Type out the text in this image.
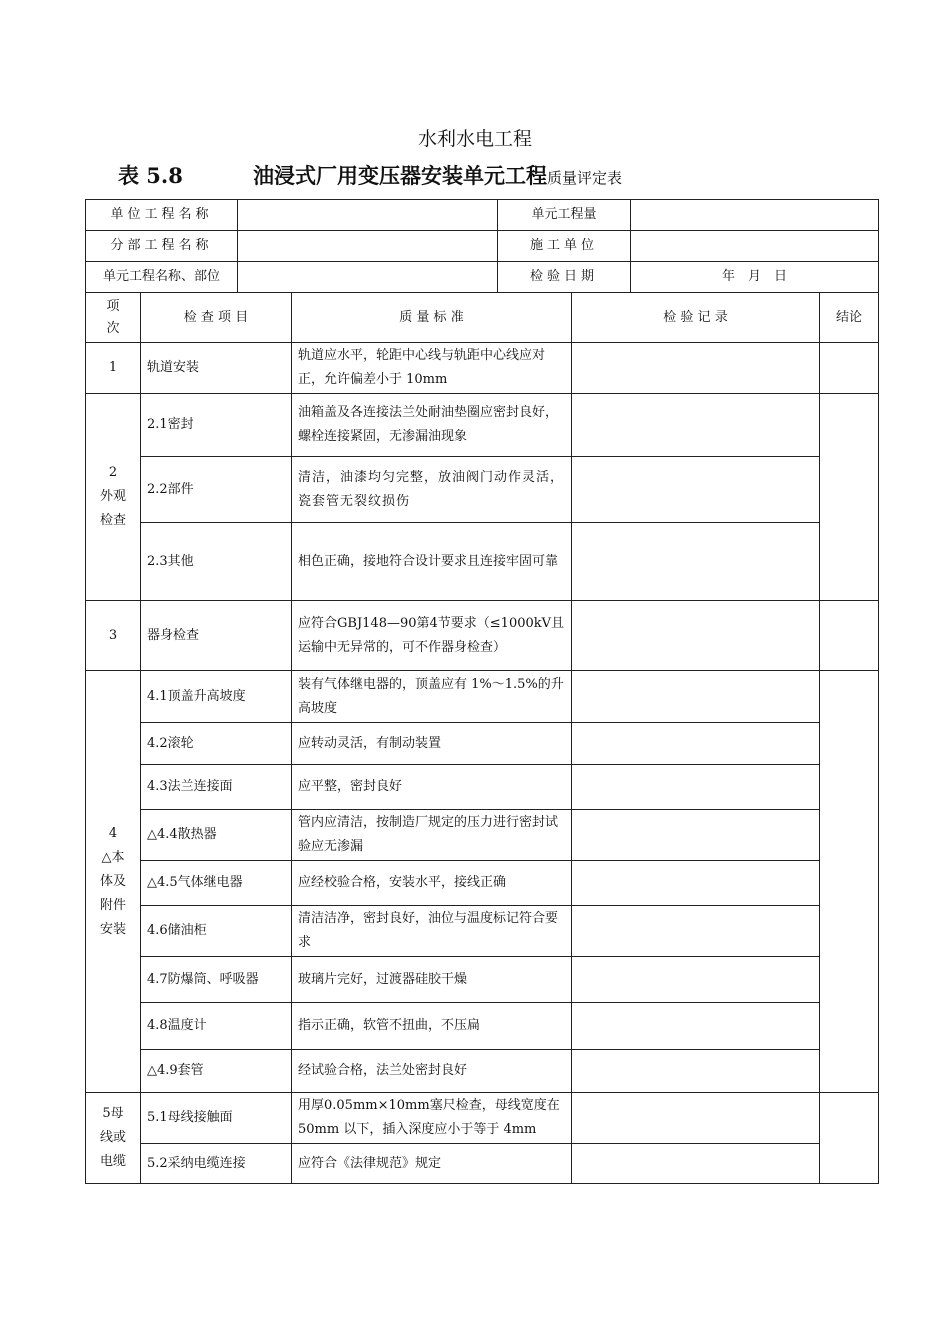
水利水电工程
表 5.8	油浸式厂用变压器安装单元工程质量评定表
单位工程名称		单元工程量	
分部工程名称		施工单位	
单元工程名称、部位		检验日期	年　月　日
项
次	检 查 项 目	质 量 标 准	检 验 记 录	结论
1	轨道安装	轨道应水平，轮距中心线与轨距中心线应对正，允许偏差小于 10mm		
2
外观
检查	2.1密封	油箱盖及各连接法兰处耐油垫圈应密封良好，螺栓连接紧固，无渗漏油现象		
	2.2部件	清洁，油漆均匀完整，放油阀门动作灵活，瓷套管无裂纹损伤		
	2.3其他	相色正确，接地符合设计要求且连接牢固可靠		
3	器身检查	应符合GBJ148—90第4节要求（≤1000kV且运输中无异常的，可不作器身检查）		
4
△本
体及
附件
安装	4.1顶盖升高坡度	装有气体继电器的，顶盖应有 1%～1.5%的升高坡度		
	4.2滚轮	应转动灵活，有制动装置		
	4.3法兰连接面	应平整，密封良好		
	△4.4散热器	管内应清洁，按制造厂规定的压力进行密封试验应无渗漏		
	△4.5气体继电器	应经校验合格，安装水平，接线正确		
	4.6储油柜	清洁洁净，密封良好，油位与温度标记符合要求		
	4.7防爆筒、呼吸器	玻璃片完好，过渡器硅胶干燥		
	4.8温度计	指示正确，软管不扭曲，不压扁		
	△4.9套管	经试验合格，法兰处密封良好		
5母
线或
电缆	5.1母线接触面	用厚0.05mm×10mm塞尺检查，母线宽度在 50mm 以下，插入深度应小于等于 4mm		
	5.2采纳电缆连接	应符合《法律规范》规定		
